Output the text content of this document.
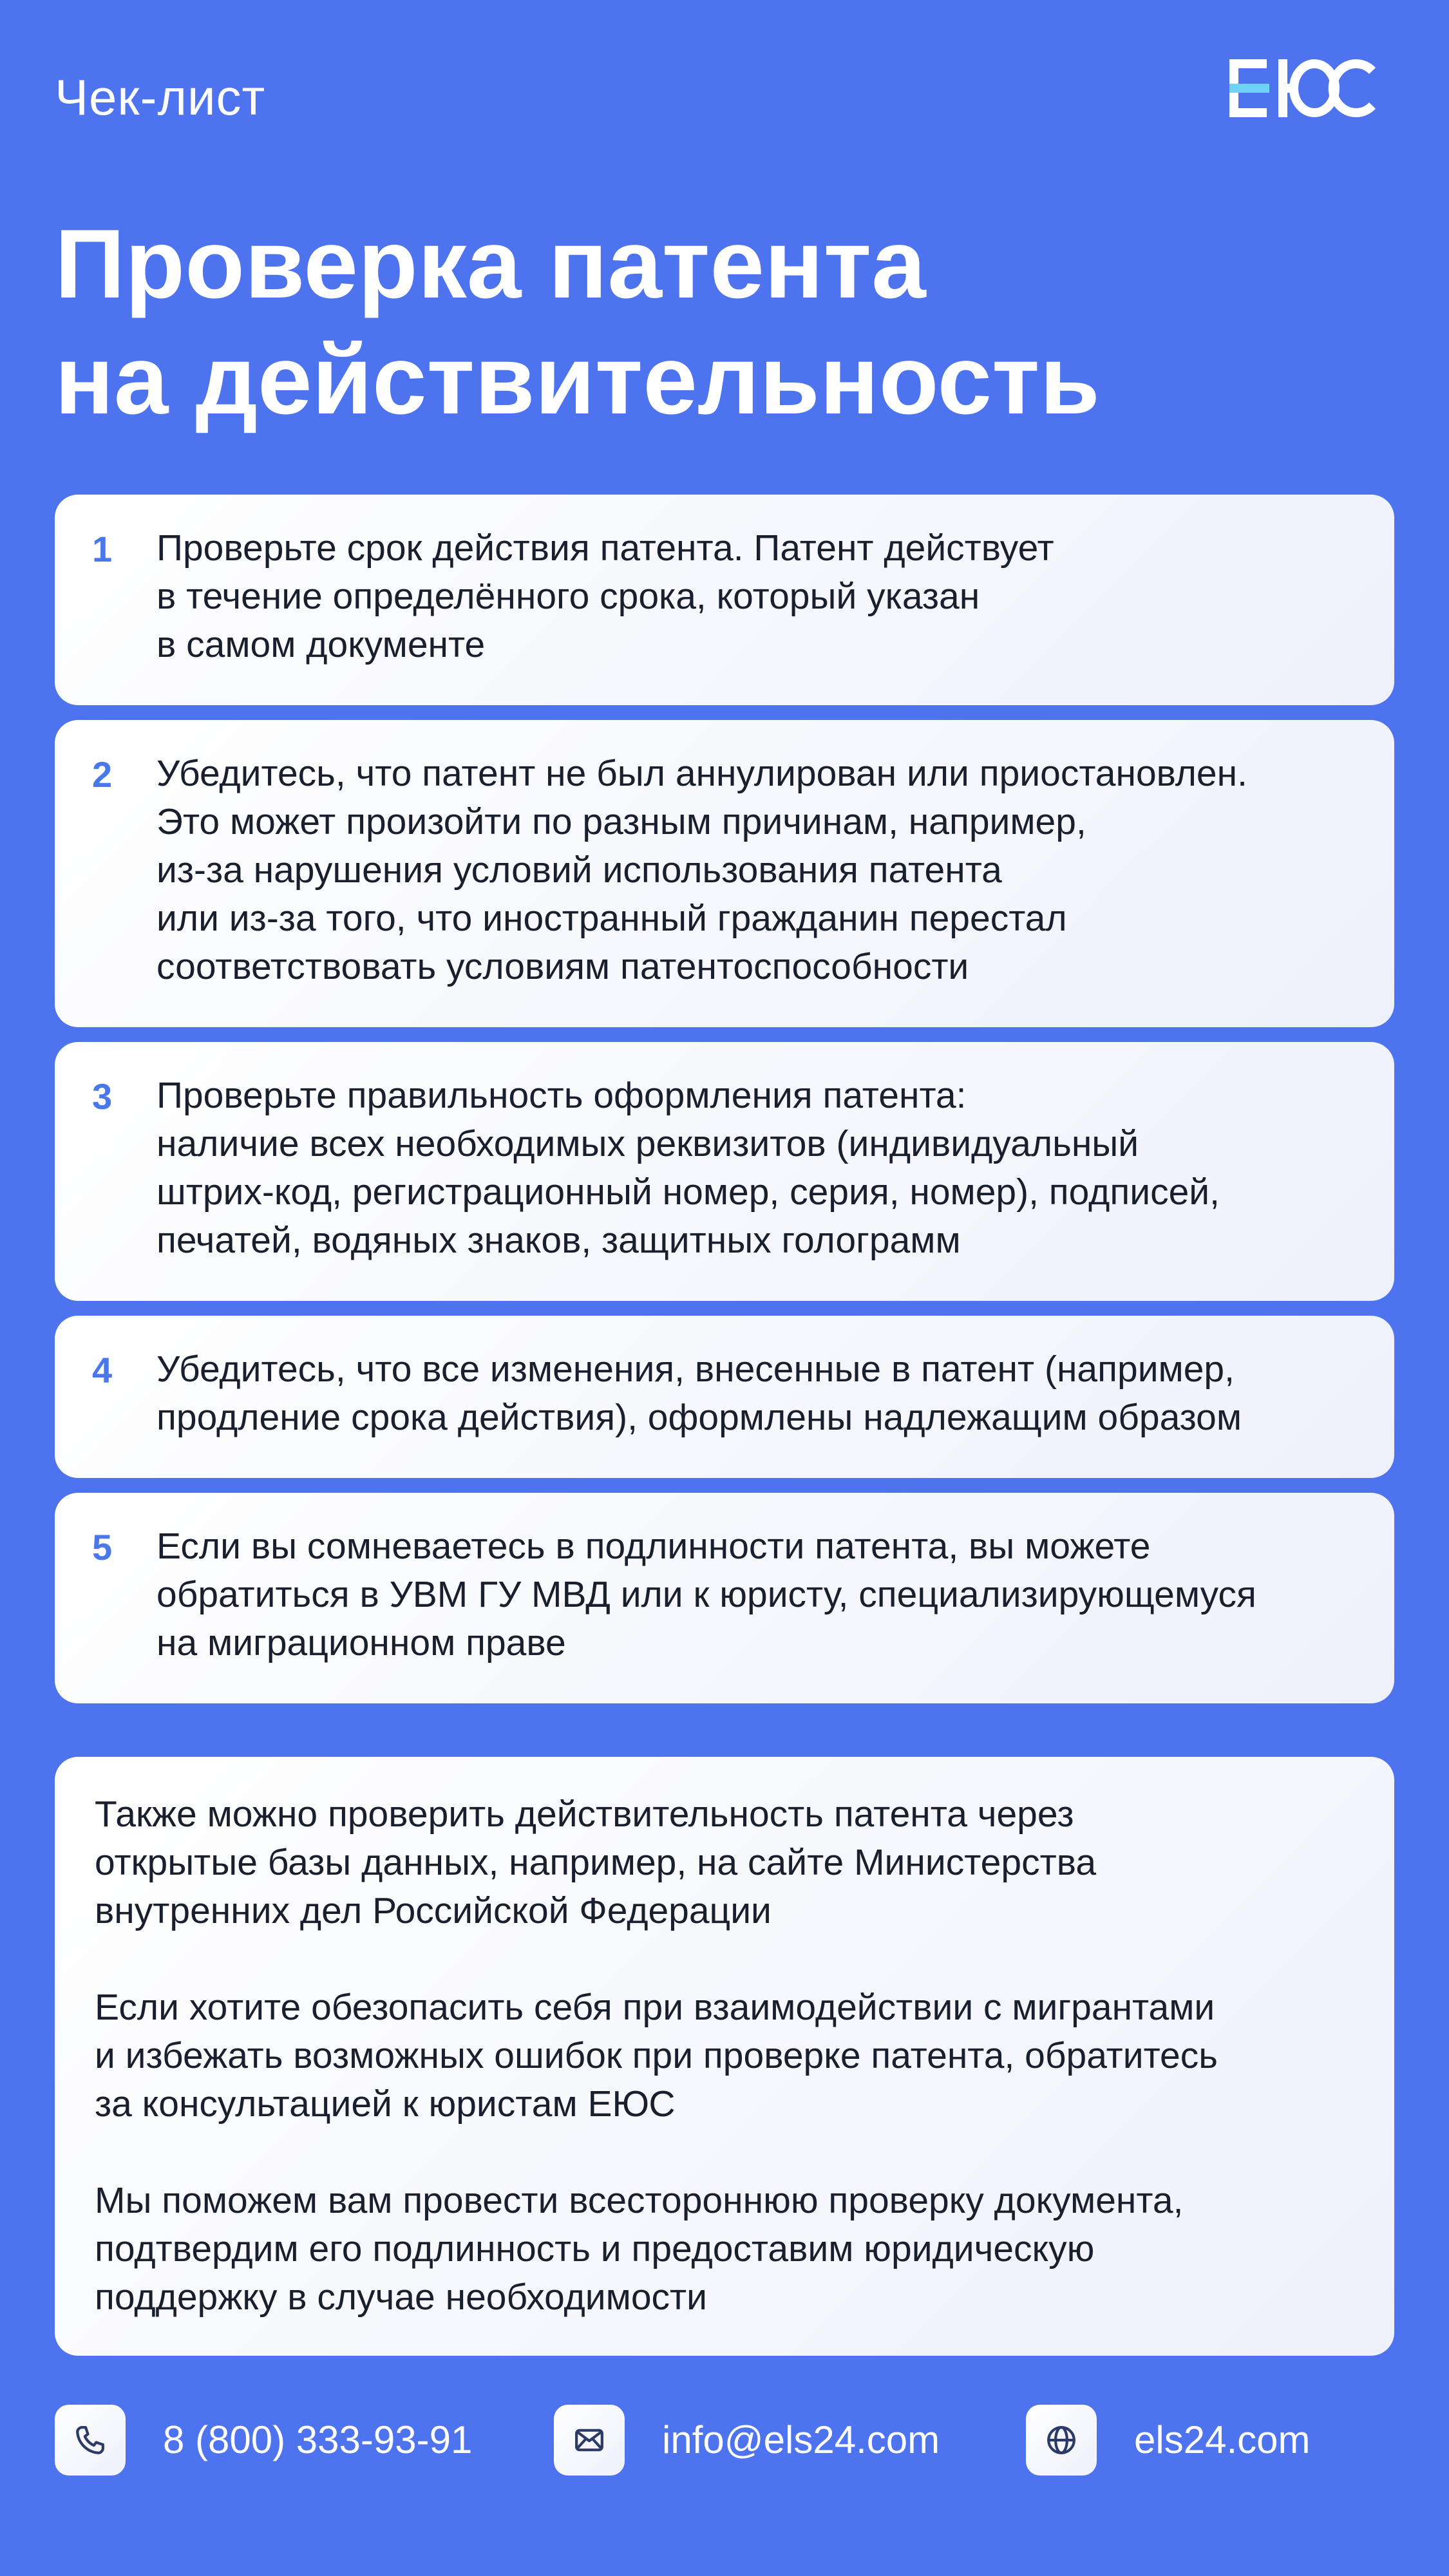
Чек-лист
Проверка патента
на действительность
1 Проверьте срок действия патента. Патент действует
в течение определённого срока, который указан
в самом документе
2 Убедитесь, что патент не был аннулирован или приостановлен.
Это может произойти по разным причинам, например,
из-за нарушения условий использования патента
или из-за того, что иностранный гражданин перестал
соответствовать условиям патентоспособности
3 Проверьте правильность оформления патента:
наличие всех необходимых реквизитов (индивидуальный
штрих-код, регистрационный номер, серия, номер), подписей,
печатей, водяных знаков, защитных голограмм
4 Убедитесь, что все изменения, внесенные в патент (например,
продление срока действия), оформлены надлежащим образом
5 Если вы сомневаетесь в подлинности патента, вы можете
обратиться в УВМ ГУ МВД или к юристу, специализирующемуся
на миграционном праве
Также можно проверить действительность патента через
открытые базы данных, например, на сайте Министерства
внутренних дел Российской Федерации
Если хотите обезопасить себя при взаимодействии с мигрантами
и избежать возможных ошибок при проверке патента, обратитесь
за консультацией к юристам ЕЮС
Мы поможем вам провести всестороннюю проверку документа,
подтвердим его подлинность и предоставим юридическую
поддержку в случае необходимости
8 (800) 333-93-91	info@els24.com	els24.com
